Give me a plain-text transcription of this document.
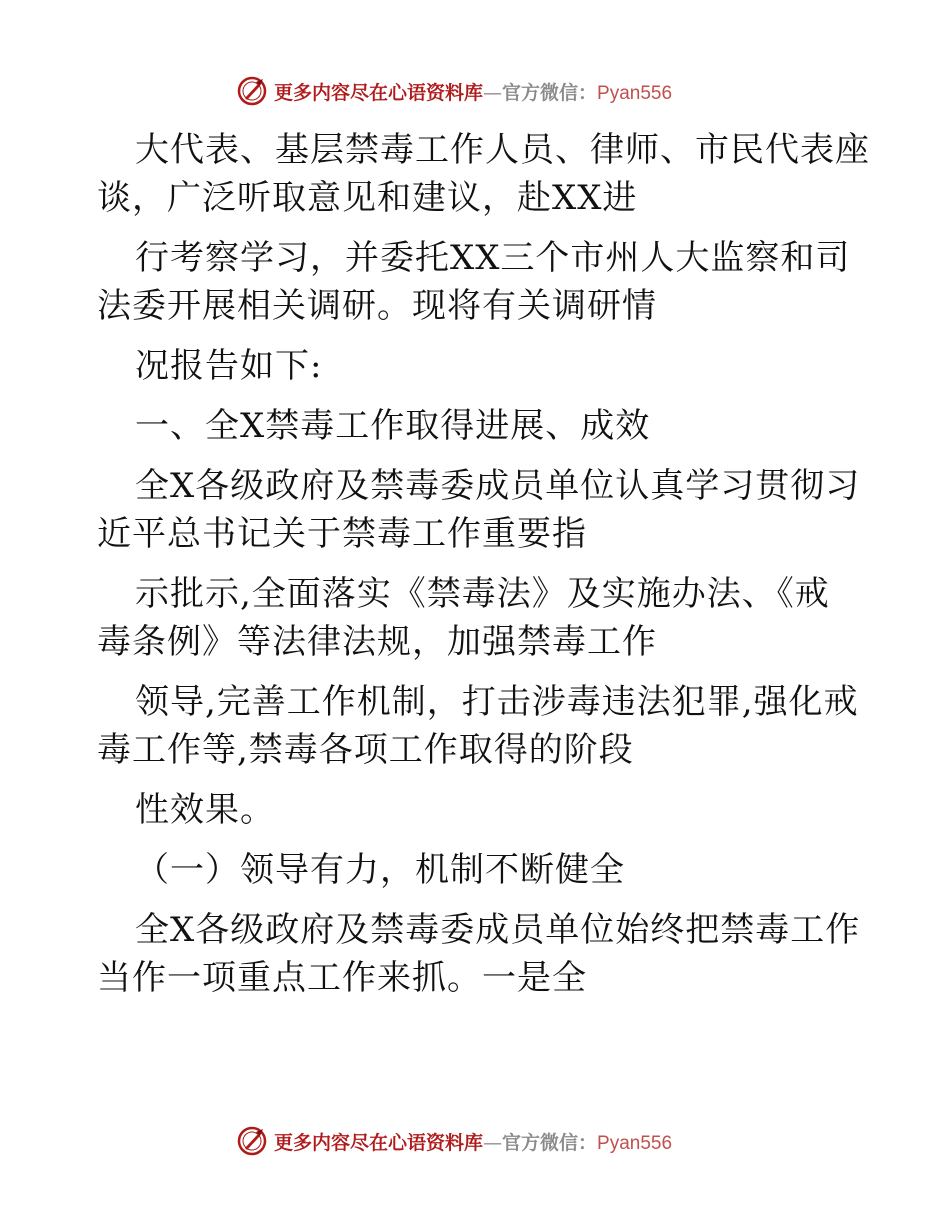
更多内容尽在心语资料库—官方微信：Pyan556
大代表、基层禁毒工作人员、律师、市民代表座
谈，广泛听取意见和建议，赴XX进
行考察学习，并委托XX三个市州人大监察和司
法委开展相关调研。现将有关调研情
况报告如下:
一、全X禁毒工作取得进展、成效
全X各级政府及禁毒委成员单位认真学习贯彻习
近平总书记关于禁毒工作重要指
示批示,全面落实《禁毒法》及实施办法、《戒
毒条例》等法律法规，加强禁毒工作
领导,完善工作机制，打击涉毒违法犯罪,强化戒
毒工作等,禁毒各项工作取得的阶段
性效果。
（一）领导有力，机制不断健全
全X各级政府及禁毒委成员单位始终把禁毒工作
当作一项重点工作来抓。一是全
更多内容尽在心语资料库—官方微信：Pyan556
